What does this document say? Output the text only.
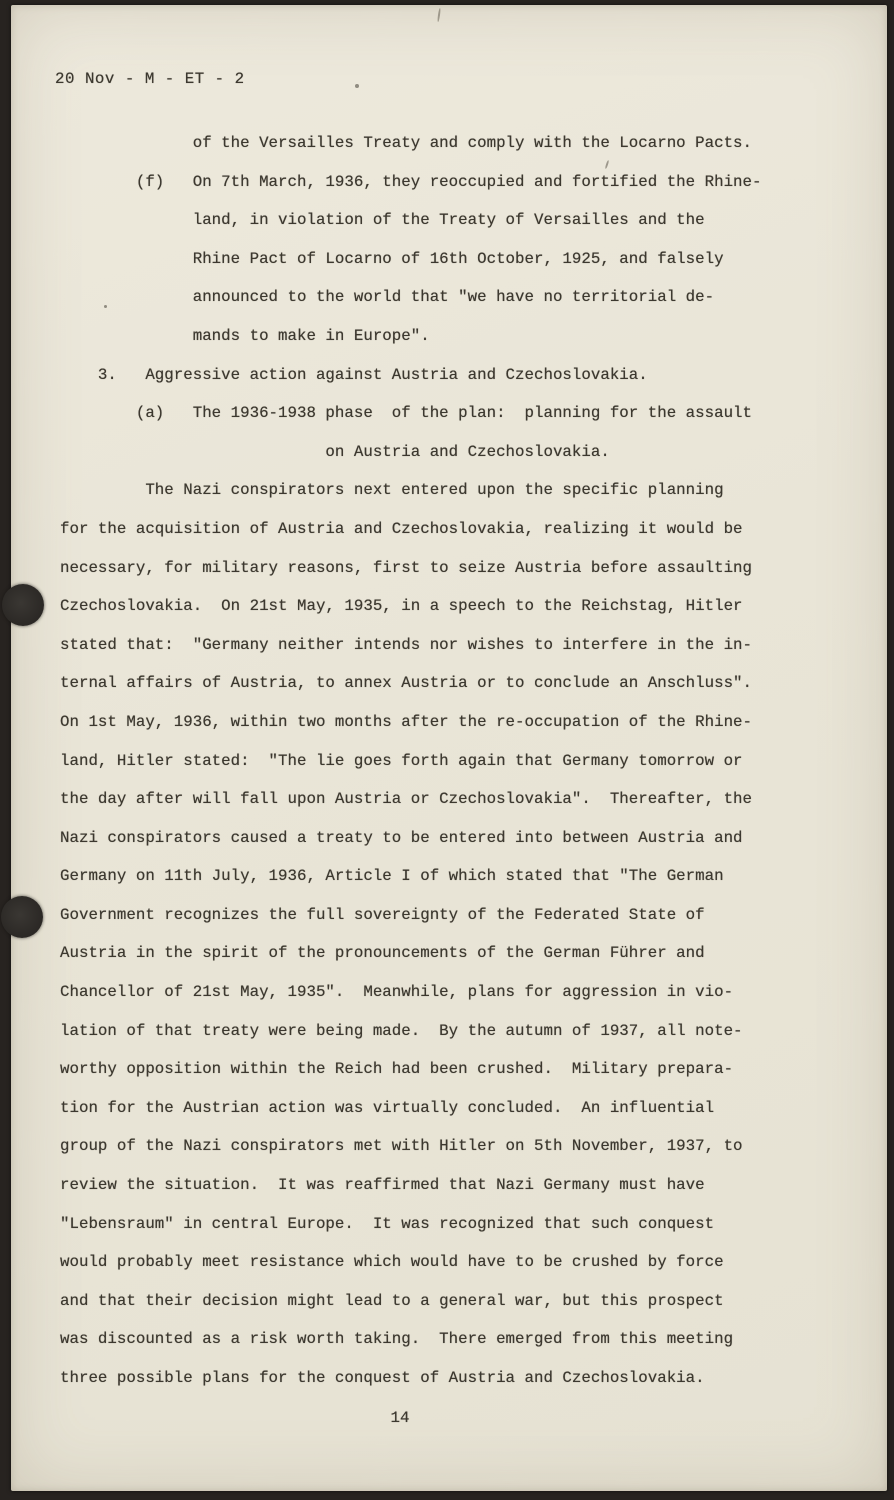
20 Nov - M - ET - 2
of the Versailles Treaty and comply with the Locarno Pacts.
(f)   On 7th March, 1936, they reoccupied and fortified the Rhine-
land, in violation of the Treaty of Versailles and the
Rhine Pact of Locarno of 16th October, 1925, and falsely
announced to the world that "we have no territorial de-
mands to make in Europe".
3.   Aggressive action against Austria and Czechoslovakia.
(a)   The 1936-1938 phase  of the plan:  planning for the assault
on Austria and Czechoslovakia.
The Nazi conspirators next entered upon the specific planning
for the acquisition of Austria and Czechoslovakia, realizing it would be
necessary, for military reasons, first to seize Austria before assaulting
Czechoslovakia.  On 21st May, 1935, in a speech to the Reichstag, Hitler
stated that:  "Germany neither intends nor wishes to interfere in the in-
ternal affairs of Austria, to annex Austria or to conclude an Anschluss".
On 1st May, 1936, within two months after the re-occupation of the Rhine-
land, Hitler stated:  "The lie goes forth again that Germany tomorrow or
the day after will fall upon Austria or Czechoslovakia".  Thereafter, the
Nazi conspirators caused a treaty to be entered into between Austria and
Germany on 11th July, 1936, Article I of which stated that "The German
Government recognizes the full sovereignty of the Federated State of
Austria in the spirit of the pronouncements of the German Führer and
Chancellor of 21st May, 1935".  Meanwhile, plans for aggression in vio-
lation of that treaty were being made.  By the autumn of 1937, all note-
worthy opposition within the Reich had been crushed.  Military prepara-
tion for the Austrian action was virtually concluded.  An influential
group of the Nazi conspirators met with Hitler on 5th November, 1937, to
review the situation.  It was reaffirmed that Nazi Germany must have
"Lebensraum" in central Europe.  It was recognized that such conquest
would probably meet resistance which would have to be crushed by force
and that their decision might lead to a general war, but this prospect
was discounted as a risk worth taking.  There emerged from this meeting
three possible plans for the conquest of Austria and Czechoslovakia.
14
